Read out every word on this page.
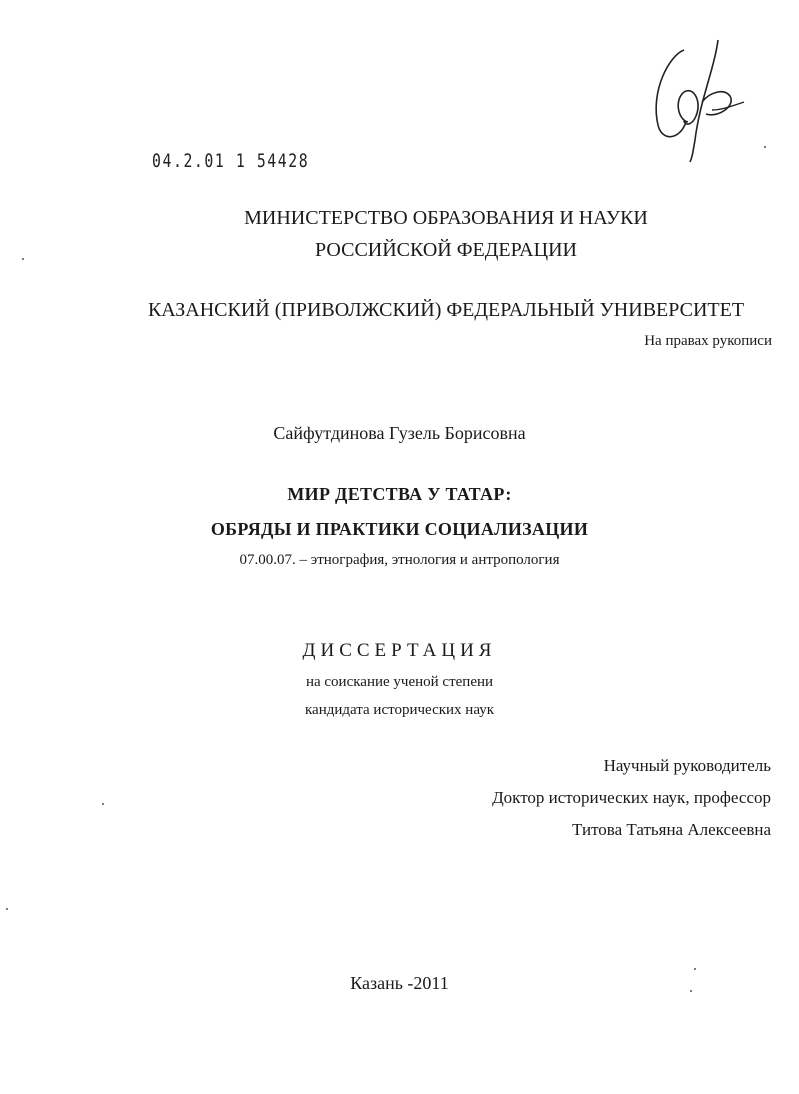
04.2.01 1 54428
МИНИСТЕРСТВО ОБРАЗОВАНИЯ И НАУКИ
РОССИЙСКОЙ ФЕДЕРАЦИИ
КАЗАНСКИЙ (ПРИВОЛЖСКИЙ) ФЕДЕРАЛЬНЫЙ УНИВЕРСИТЕТ
На правах рукописи
Сайфутдинова Гузель Борисовна
МИР ДЕТСТВА У ТАТАР:
ОБРЯДЫ И ПРАКТИКИ СОЦИАЛИЗАЦИИ
07.00.07. – этнография, этнология и антропология
ДИССЕРТАЦИЯ
на соискание ученой степени
кандидата исторических наук
Научный руководитель
Доктор исторических наук, профессор
Титова Татьяна Алексеевна
Казань -2011
